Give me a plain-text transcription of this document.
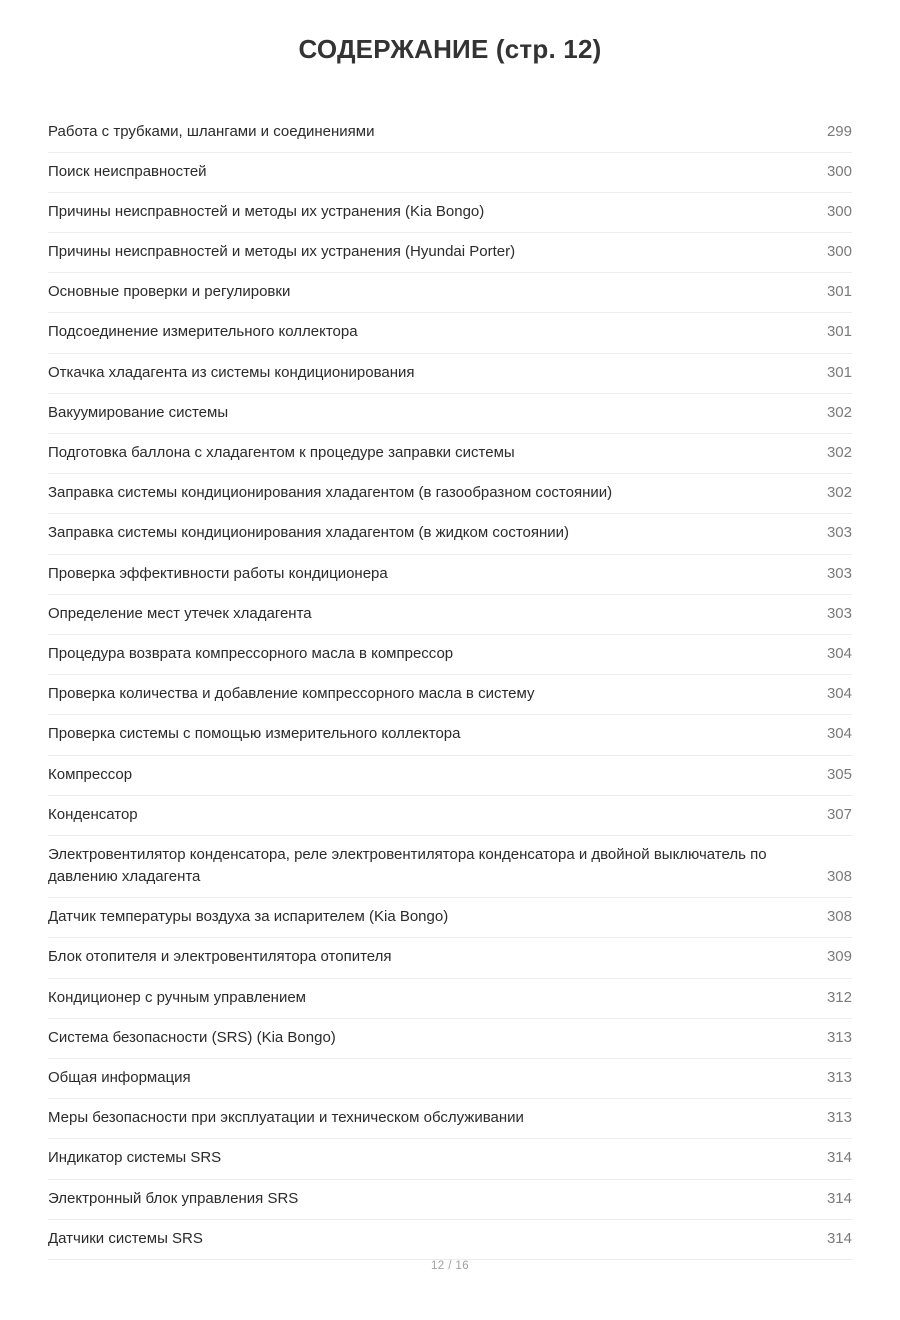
СОДЕРЖАНИЕ (стр. 12)
Работа с трубками, шлангами и соединениями	299
Поиск неисправностей	300
Причины неисправностей и методы их устранения (Kia Bongo)	300
Причины неисправностей и методы их устранения (Hyundai Porter)	300
Основные проверки и регулировки	301
Подсоединение измерительного коллектора	301
Откачка хладагента из системы кондиционирования	301
Вакуумирование системы	302
Подготовка баллона с хладагентом к процедуре заправки системы	302
Заправка системы кондиционирования хладагентом (в газообразном состоянии)	302
Заправка системы кондиционирования хладагентом (в жидком состоянии)	303
Проверка эффективности работы кондиционера	303
Определение мест утечек хладагента	303
Процедура возврата компрессорного масла в компрессор	304
Проверка количества и добавление компрессорного масла в систему	304
Проверка системы с помощью измерительного коллектора	304
Компрессор	305
Конденсатор	307
Электровентилятор конденсатора, реле электровентилятора конденсатора и двойной выключатель по давлению хладагента	308
Датчик температуры воздуха за испарителем (Kia Bongo)	308
Блок отопителя и электровентилятора отопителя	309
Кондиционер с ручным управлением	312
Система безопасности (SRS) (Kia Bongo)	313
Общая информация	313
Меры безопасности при эксплуатации и техническом обслуживании	313
Индикатор системы SRS	314
Электронный блок управления SRS	314
Датчики системы SRS	314
12 / 16
